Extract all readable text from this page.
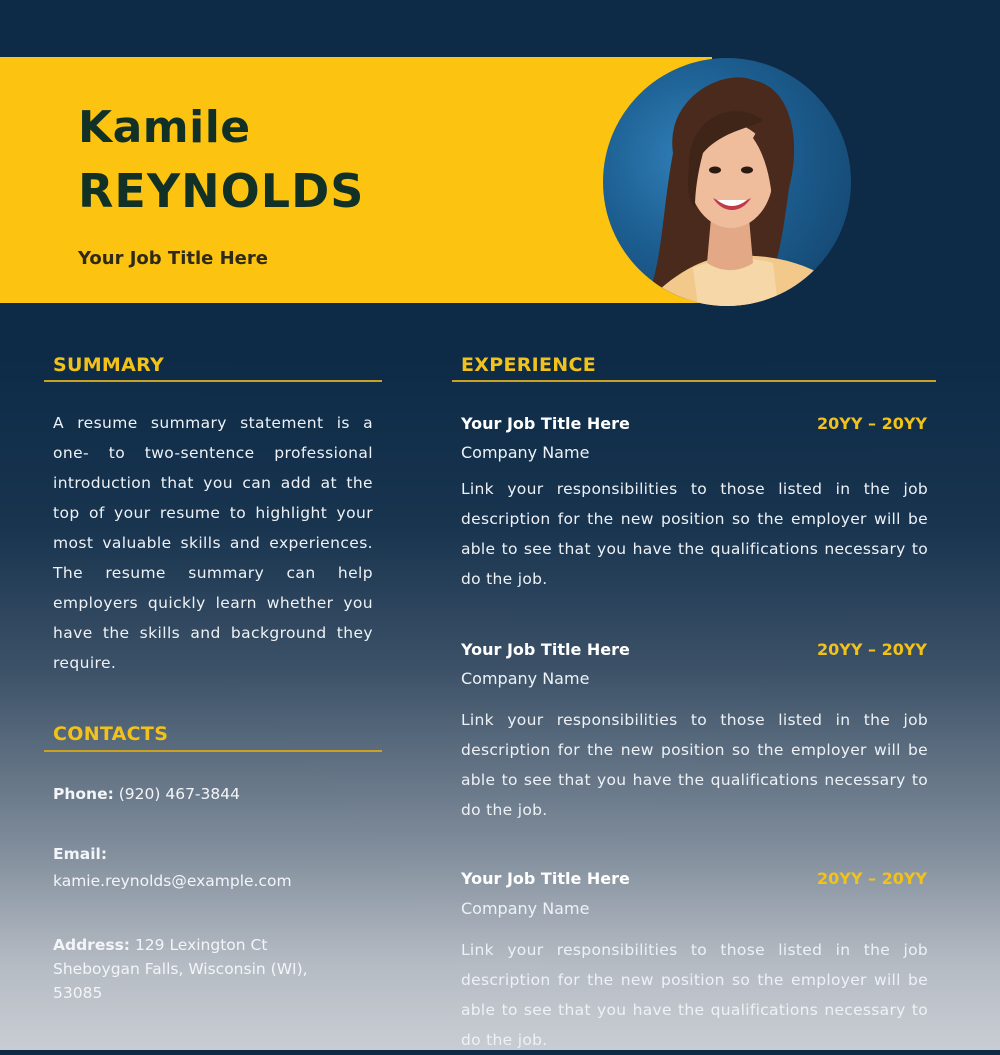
Kamile
REYNOLDS
Your Job Title Here
SUMMARY
A resume summary statement is a one- to two-sentence professional introduction that you can add at the top of your resume to highlight your most valuable skills and experiences. The resume summary can help employers quickly learn whether you have the skills and background they require.
CONTACTS
Phone: (920) 467-3844
Email:
kamie.reynolds@example.com
Address: 129 Lexington Ct
Sheboygan Falls, Wisconsin (WI),
53085
EXPERIENCE
Your Job Title Here	20YY – 20YY
Company Name
Link your responsibilities to those listed in the job description for the new position so the employer will be able to see that you have the qualifications necessary to do the job.
Your Job Title Here	20YY – 20YY
Company Name
Link your responsibilities to those listed in the job description for the new position so the employer will be able to see that you have the qualifications necessary to do the job.
Your Job Title Here	20YY – 20YY
Company Name
Link your responsibilities to those listed in the job description for the new position so the employer will be able to see that you have the qualifications necessary to do the job.
